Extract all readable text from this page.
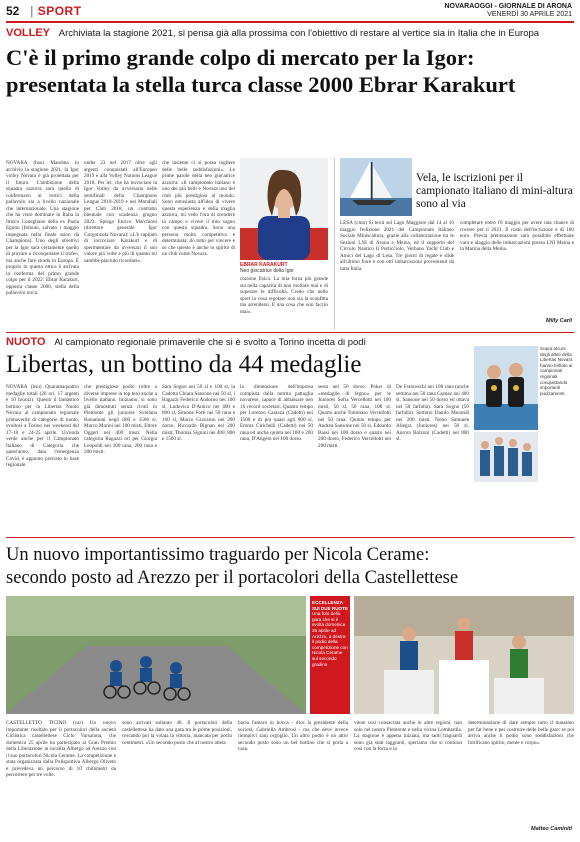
52
|	SPORT	NOVARAOGGI - GIORNALE DI ARONA
VENERDÌ 30 APRILE 2021
VOLLEY Archiviata la stagione 2021, si pensa già alla prossima con l'obiettivo di restare al vertice sia in Italia che in Europa
C'è il primo grande colpo di mercato per la Igor:
presentata la stella turca classe 2000 Ebrar Karakurt
NOVARA (bsu) Mandata in archivio la stagione 2021, la Igor volley Novara è già proiettata per il futuro. L'ambizione della squadra azzurra sarà quella di confermarsi ai vertici della pallavolo sia a livello nazionale che internazionale. Una stagione che ha visto dominare in Italia la Imoco Conegliano della ex Paola Egonu (Imbuni, salvato i maggio impegnata nella finale ssion dà Champions). Uno degli obiettivi per la Igor sarà certamente quello di provare a riconquistare il trofeo, ma anche fare strada in Europa. È proprio in questa ottica è arrivata la conferma del primo grande colpo per il 2022: Ebrar Karakurt, opposta classe 2000, stella della pallavolo turca.
under 23 nel 2017 oltre agli argenti conquistati all'Europeo 2019 e alla Volley Nations League 2018. Per lei, che ha incrociato la Igor Volley da avversaria nelle semifinali della Champions League 2018-2019 e nei Mondiali per Club 2018, un contratto biennale con scadenza giugno 2023. Spiega Enrico Marchioni (direttore generale Igor Gorgonzola Novara): «L'è capitato di incrociare Karakurt e di sperimentare da avversari il suo valore più volte e più di quanto mi sarebbe piaciuto ricordare».
che insieme ci si possa togliere delle belle soddisfazioni». Le prime parole della neo giocatrice azzurra: «Il campionato italiano è uno dei più belli e Novara uno dei club più prestigiosi al mondo. Sono entusiasta all'idea di vivere questa esperienza e della maglia azzurra, mi vedo l'ora di scendere in campo e vivere il mio sogno con questa squadra. Sono una persona molto competitiva e determinata: do tutto per vincere e so che questo è anche lo spirito di un club come Novara.
EBRAR KARAKURT
Neo giocatrice della Igor
cozione fisica. La mia forza più grande sta nella capacità di non mollare mai e di superare le difficoltà. Credo che nello sport la cosa regolare non sia la sconfitta ma arrendersi. E una cosa che non faccio mai».
Vela, le iscrizioni per il campionato italiano di mini-altura sono al via
LESA (cmn) Si terrà sul Lago Maggiore dal 14 al 16 maggio l'edizione 2021 del Campionato Italiano Sociale Miniscaltura, grazie alla collaborazione tra le Sezioni LNI di Arona e Meina, ed il supporto del Circolo Nautico Il Porticciolo, Verbano Yacht Club e Amici del Lago di Lesa. Tre giorni di regate e slide all'ultimo fiore e con otti imbarcazioni provenienti da tutta Italia.
completare entro l'8 maggio per avere una chance di correre per il 2021. Il costo dell'iscrizione è di 100 euro. Previa prenotazione sarà possibile effettuare varo e alaggio delle imbarcazioni presso LNI Meina e la Marina della Meina.
Milly Carli
NUOTO Al campionato regionale primaverile che si è svolto a Torino incetta di podi
Libertas, un bottino da 44 medaglie
NOVARA (bsu) Quarantaquattro medaglie totali (20 ori, 17 argenti e 10 bronzi). Questo il fantastico bottino per la Libertas Nuoto Novara al campionato regionale primaverile di categorie di nuoto, svoltosi a Torino nei weekend del 17-18 e 24-25 aprile. Un'onda verde anche per il Campionato Italiano di Categoria che quest'anno, data l'emergenza Covid, è appunto previsto in base regionale.
che prestigioso podio (oltre a diverse imprese in top ten) anche a livello italiano. Iniziamo, si sono già dimostrati senza rivali in Piemonte gli juniores Svetlana Bonamoni negli 800 e 1500 sl, Marco Marini nei 100 misti, Ettore Oggeri nei 400 misti. Nella categoria Ragazzi ori per Giorgia Leopoldi nei 100 rana, 200 rana e 200 misti.
Sara Sogno nei 50 sl e 100 sl, la Cadetta Chiara Sansone nei 50 sl, i Ragazzi Federico Andorno nei 100 sl, Ludovica D'Amico nei 400 e 800 sl, Simone Forti nei 50 rana e 100 sl, Marco Giavarno nei 200 dorso, Riccardo Bignan nei 200 misti, Thomas Signini nei 400, 800 e 1500 sl.
la dimensione dell'impresa compiuta dalla nutrita pattuglia novarese, capace di abbassare ben 16 record societari. Quanto tempo per Lorenzo Caiazza (Cadetti) nei 1500 e di poi quasi agli 800 sl, Emma Cirichelli (Cadetti) nei 50 rana ed anche quinta nei 100 e 200 rana, D'Angelo nei 100 dorso.
sesta nei 50 dorso. Poker di «medaglie di legno» per le Juniores Sofia Vercellotti nei 100 misti, 50 sl, 50 rana, 100 sl. Quarto anche Tommaso Vercellotti nei 50 rana. Quinto tempo per Andrea Sansone nei 50 sl, Edoardo Bassi nei 100 dorso e quarto nei 200 dorso, Federico Vercellotti nei 200 misti.
De Franceschi nei 100 rana (anche settima nei 50 rana Gomez nei 400 sl, Sansone nei 50 dorso ed ottava nei 50 farfalla). Sara Sogno (50 farfalla). Settimo Danilo Morandi nei 200 misti. Nono Samuele Allegra (Juniores) nei 50 sl, Aurora Bolzoni (Cadetti) nei 800 sl.
Sopra alcuni degli atleti della Libertas Novara hanno brillato ai campionati regionali conquistando importanti piazzamenti
Un nuovo importantissimo traguardo per Nicola Cerame:
secondo posto ad Arezzo per il portacolori della Castellettese
ECCELLENZA SUI DUE RUOTE
Una foto della gara che si è svolta domenica 25 aprile ad Arezzo, a destra il podio della competizione con Nicola Cerame sul secondo gradino
CASTELLETTO TICINO (car) Un nuovo importante risultato per il portacolori della società Ciclistica castellettese Ciclo Varsalona, che domenica 25 aprile ha partecipato al Gran Premio della Liberazione in località Albergo ad Arezzo con il suo portacolori Nicola Cerame. La competizione è stata organizzata dalla Polisportiva Albergo Oliveto e prevedeva un percorso di 10 chilometri da percorrere per tre volte.
sono arrivati soltanto 48. Il portacolori della castellettese ha dato una gara tra le prime posizioni, cercando poi la volata la vittoria, mancata per pochi centimetri. «Un secondo posto che al nostro atleta
bacia l'amaro in bocca - dice la presidente della società, Gabriella Ambrosi - ma che deve invece riempirci sani orgoglio. Un altro podio è un altro secondo posto sono un bel bottino che si porta a casa.
viene così consacrata anche in altre regioni, non solo nel nostro Piemonte e nella vicina Lombardia. La stagione è appena iniziata, ma tanti traguardi sono già stati raggiunti, speriamo che si continui così con la forza e la
determinazione di dare sempre tutto il massimo per far bene e per costruire delle belle gare: se poi arriva anche il podio sono soddisfazioni che fortificano spirito, mente e corpo».
Matteo Caminiti
